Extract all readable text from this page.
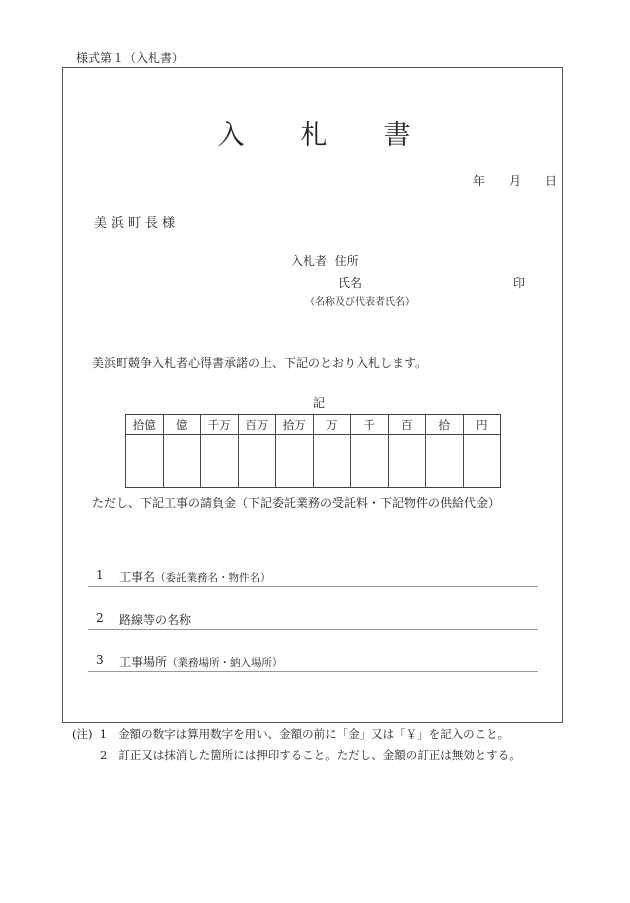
様式第１（入札書）
入 札 書
年 月 日
美浜町長様
入札者 住所
氏名	印
（名称及び代表者氏名）
美浜町競争入札者心得書承諾の上、下記のとおり入札します。
記
拾億	億	千万	百万	拾万	万	千	百	拾	円

ただし、下記工事の請負金（下記委託業務の受託料・下記物件の供給代金）
1 工事名（委託業務名・物件名）
2 路線等の名称
3 工事場所（業務場所・納入場所）
(注) 1 金額の数字は算用数字を用い、金額の前に「金」又は「￥」を記入のこと。
2 訂正又は抹消した箇所には押印すること。ただし、金額の訂正は無効とする。
